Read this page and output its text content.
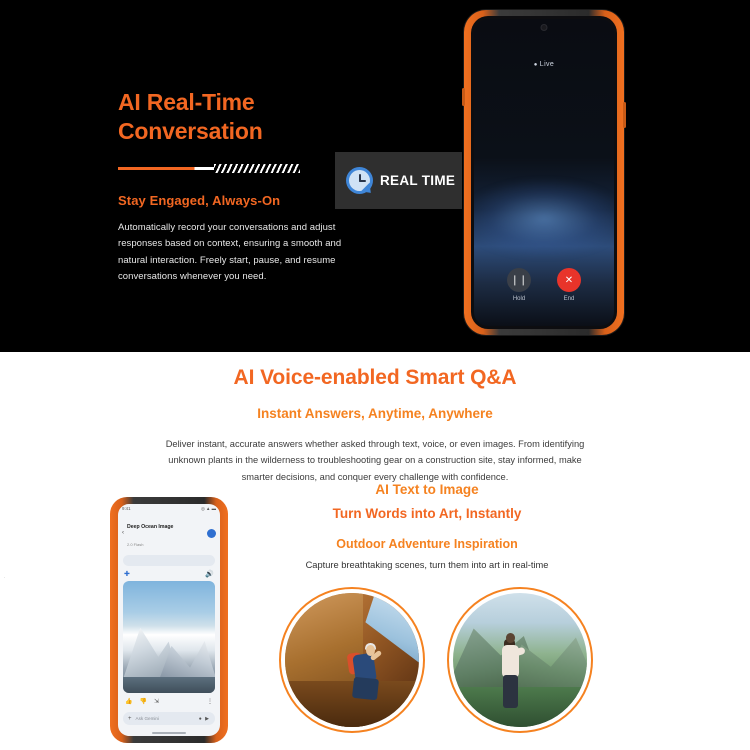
AI Real-Time
Conversation
Stay Engaged, Always-On
Automatically record your conversations and adjust responses based on context, ensuring a smooth and natural interaction. Freely start, pause, and resume conversations whenever you need.
REAL TIME
● Live
❘❘
Hold
✕
End
AI Voice-enabled Smart Q&A
Instant Answers, Anytime, Anywhere
Deliver instant, accurate answers whether asked through text, voice, or even images. From identifying unknown plants in the wilderness to troubleshooting gear on a construction site, stay informed, make smarter decisions, and conquer every challenge with confidence.
AI Text to Image
Turn Words into Art, Instantly
Outdoor Adventure Inspiration
Capture breathtaking scenes, turn them into art in real-time
9:41	◎ ▲ ▬
‹
Deep Ocean Image
2.0 Flash
✚	🔊
👍 👎 ⇲	⋮
+ Ask Gemini	● ▶
.
